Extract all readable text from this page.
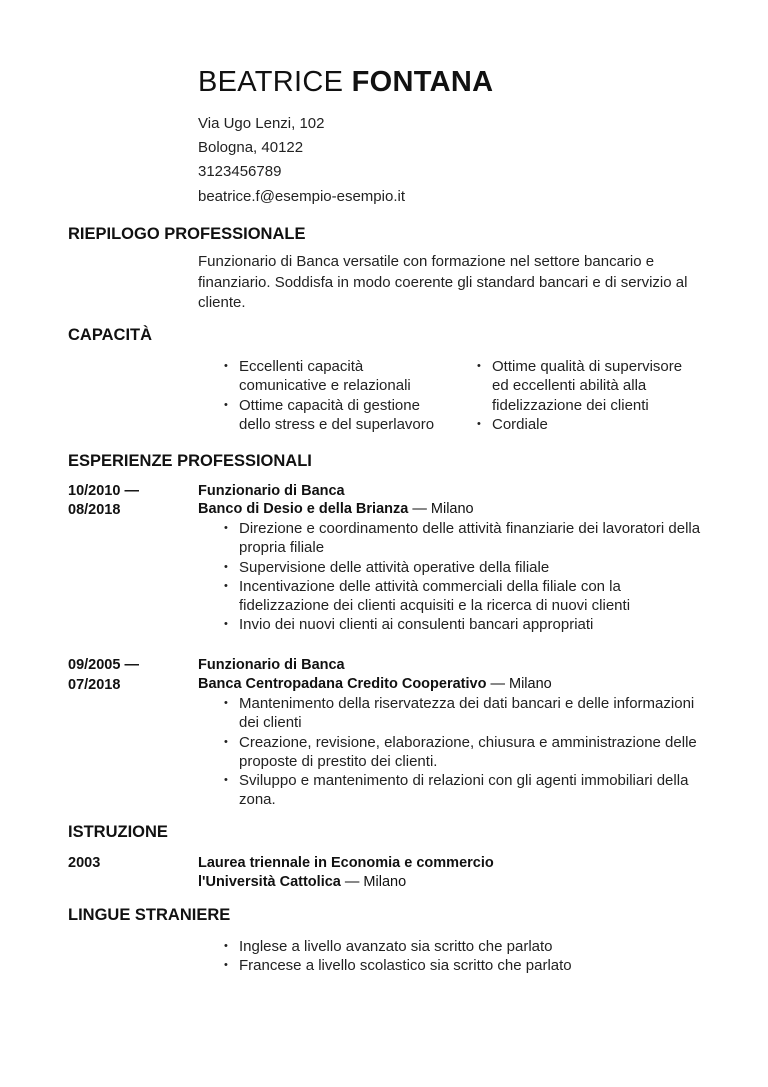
BEATRICE FONTANA
Via Ugo Lenzi, 102
Bologna, 40122
3123456789
beatrice.f@esempio-esempio.it
RIEPILOGO PROFESSIONALE
Funzionario di Banca versatile con formazione nel settore bancario e finanziario. Soddisfa in modo coerente gli standard bancari e di servizio al cliente.
CAPACITÀ
• Eccellenti capacità comunicative e relazionali
• Ottime capacità di gestione dello stress e del superlavoro
• Ottime qualità di supervisore ed eccellenti abilità alla fidelizzazione dei clienti
• Cordiale
ESPERIENZE PROFESSIONALI
10/2010 —
08/2018
Funzionario di Banca
Banco di Desio e della Brianza — Milano
• Direzione e coordinamento delle attività finanziarie dei lavoratori della propria filiale
• Supervisione delle attività operative della filiale
• Incentivazione delle attività commerciali della filiale con la fidelizzazione dei clienti acquisiti e la ricerca di nuovi clienti
• Invio dei nuovi clienti ai consulenti bancari appropriati
09/2005 —
07/2018
Funzionario di Banca
Banca Centropadana Credito Cooperativo — Milano
• Mantenimento della riservatezza dei dati bancari e delle informazioni dei clienti
• Creazione, revisione, elaborazione, chiusura e amministrazione delle proposte di prestito dei clienti.
• Sviluppo e mantenimento di relazioni con gli agenti immobiliari della zona.
ISTRUZIONE
2003	Laurea triennale in Economia e commercio
l'Università Cattolica — Milano
LINGUE STRANIERE
• Inglese a livello avanzato sia scritto che parlato
• Francese a livello scolastico sia scritto che parlato
